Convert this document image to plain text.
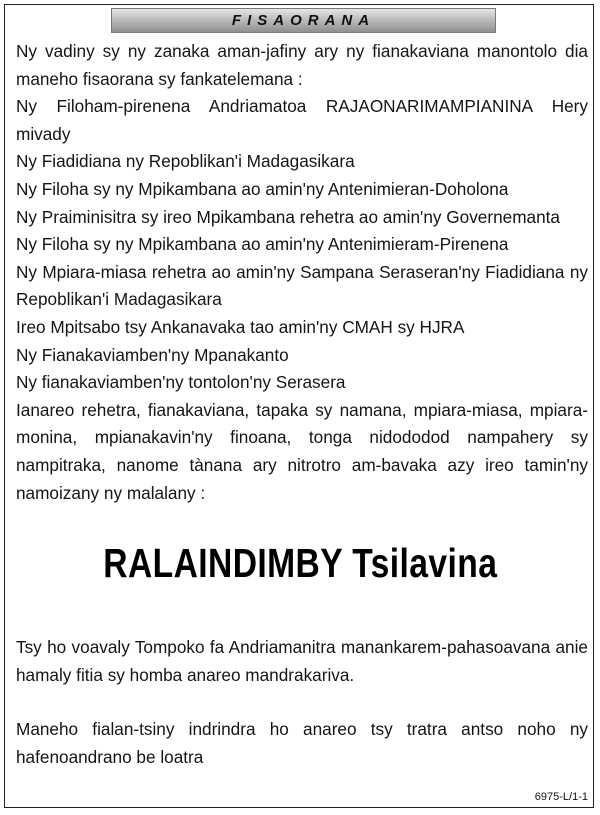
FISAORANA

Ny vadiny sy ny zanaka aman-jafiny ary ny fianakaviana manontolo dia maneho fisaorana sy fankatelemana :

Ny Filoham-pirenena Andriamatoa RAJAONARIMAMPIANINA Hery mivady

Ny Fiadidiana ny Repoblikan'i Madagasikara

Ny Filoha sy ny Mpikambana ao amin'ny Antenimieran-Doholona

Ny Praiminisitra sy ireo Mpikambana rehetra ao amin'ny Governemanta

Ny Filoha sy ny Mpikambana ao amin'ny Antenimieram-Pirenena

Ny Mpiara-miasa rehetra ao amin'ny Sampana Seraseran'ny Fiadidiana ny Repoblikan'i Madagasikara

Ireo Mpitsabo tsy Ankanavaka tao amin'ny CMAH sy HJRA

Ny Fianakaviamben'ny Mpanakanto

Ny fianakaviamben'ny tontolon'ny Serasera

Ianareo rehetra, fianakaviana, tapaka sy namana, mpiara-miasa, mpiara-monina, mpianakavin'ny finoana, tonga nidododod nampahery sy nampitraka, nanome tànana ary nitrotro am-bavaka azy ireo tamin'ny namoizany ny malalany :

RALAINDIMBY Tsilavina

Tsy ho voavaly Tompoko fa Andriamanitra manankarem-pahasoavana anie hamaly fitia sy homba anareo mandrakariva.

Maneho fialan-tsiny indrindra ho anareo tsy tratra antso noho ny hafenoandrano be loatra

6975-L/1-1
